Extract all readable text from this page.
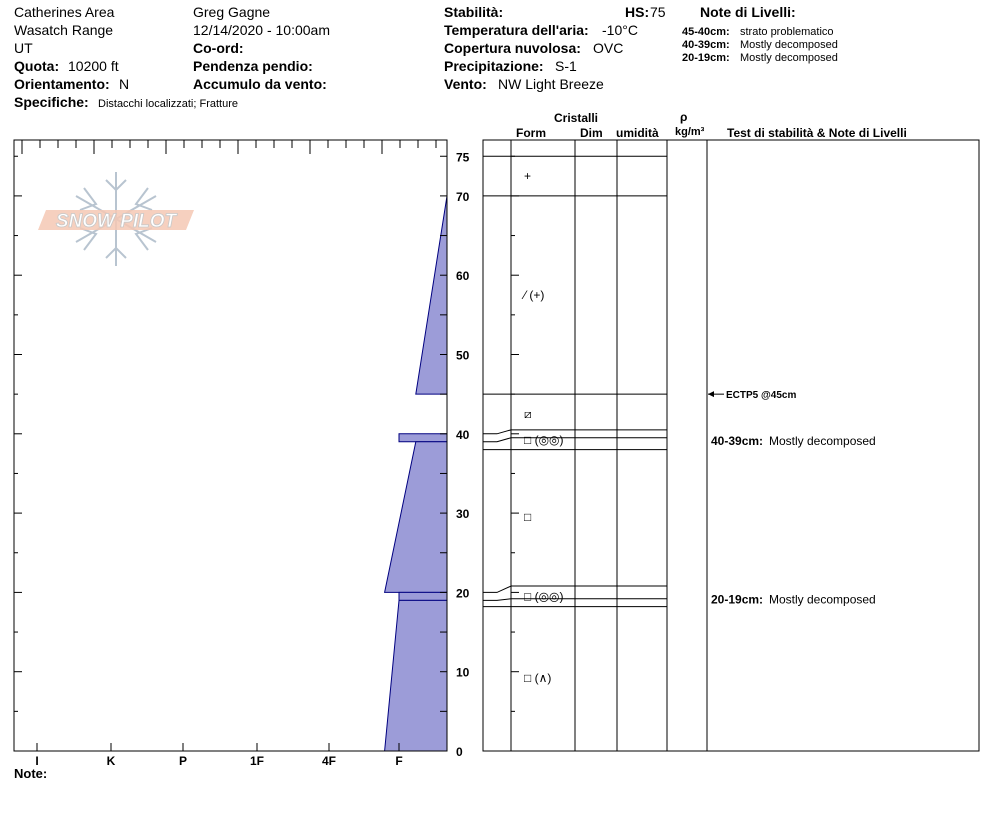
Catherines Area
Wasatch Range
UT
Quota: 10200 ft
Orientamento: N
Specifiche: Distacchi localizzati; Fratture
Greg Gagne
12/14/2020 - 10:00am
Co-ord:
Pendenza pendio:
Accumulo da vento:
Stabilità:	HS: 75
Temperatura dell'aria: -10°C
Copertura nuvolosa: OVC
Precipitazione: S-1
Vento: NW Light Breeze
Note di Livelli:
45-40cm: strato problematico
40-39cm: Mostly decomposed
20-19cm: Mostly decomposed
Cristalli
Form	Dim umidità
ρ
kg/m³ Test di stabilità & Note di Livelli
SNOW PILOT
I	K	P	1F	4F	F
0
10
20
30
40
50
60
70
75
+
⁄ (+)
⧄
□ (◎◎)
□
□ (◎◎)
□ (∧)
ECTP5 @45cm
40-39cm: Mostly decomposed
20-19cm: Mostly decomposed
Note:
